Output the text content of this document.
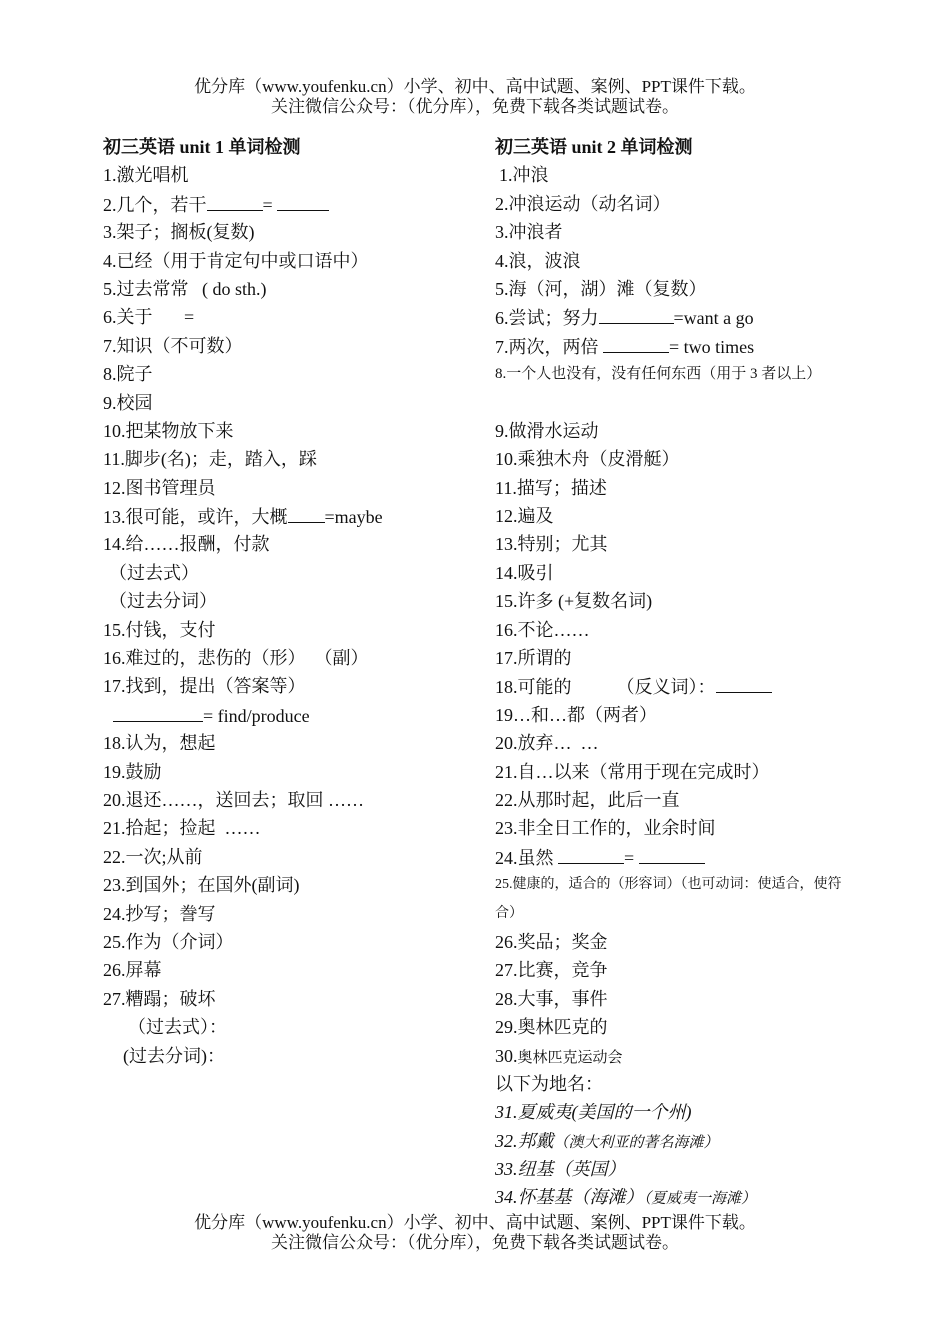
优分库（www.youfenku.cn）小学、初中、高中试题、案例、PPT课件下载。
关注微信公众号：（优分库），免费下载各类试题试卷。
初三英语 unit 1 单词检测
1.激光唱机
2.几个，若干	=
3.架子；搁板(复数)
4.已经（用于肯定句中或口语中）
5.过去常常   ( do sth.)
6.关于       =
7.知识（不可数）
8.院子
9.校园
10.把某物放下来
11.脚步(名)；走，踏入，踩
12.图书管理员
13.很可能，或许，大概 =maybe
14.给……报酬，付款
（过去式）
（过去分词）
15.付钱，支付
16.难过的，悲伤的（形）  （副）
17.找到，提出（答案等）
= find/produce
18.认为，想起
19.鼓励
20.退还……，送回去；取回 ……
21.拾起；捡起  ……
22.一次;从前
23.到国外；在国外(副词)
24.抄写；誊写
25.作为（介词）
26.屏幕
27.糟蹋；破坏
（过去式）：
(过去分词)：
初三英语 unit 2 单词检测
1.冲浪
2.冲浪运动（动名词）
3.冲浪者
4.浪，波浪
5.海（河，湖）滩（复数）
6.尝试；努力	=want a go
7.两次，两倍	= two times
8.一个人也没有，没有任何东西（用于 3 者以上）
9.做滑水运动
10.乘独木舟（皮滑艇）
11.描写；描述
12.遍及
13.特别；尤其
14.吸引
15.许多 (+复数名词)
16.不论……
17.所谓的
18.可能的          （反义词）：
19…和…都（两者）
20.放弃…  …
21.自…以来（常用于现在完成时）
22.从那时起，此后一直
23.非全日工作的，业余时间
24.虽然	=
25.健康的，适合的（形容词）（也可动词：使适合，使符合）
26.奖品；奖金
27.比赛，竞争
28.大事，事件
29.奥林匹克的
30.奥林匹克运动会
以下为地名：
31.夏威夷(美国的一个州)
32.邦戴（澳大利亚的著名海滩）
33.纽基（英国）
34.怀基基（海滩）（夏威夷一海滩）
优分库（www.youfenku.cn）小学、初中、高中试题、案例、PPT课件下载。
关注微信公众号：（优分库），免费下载各类试题试卷。
